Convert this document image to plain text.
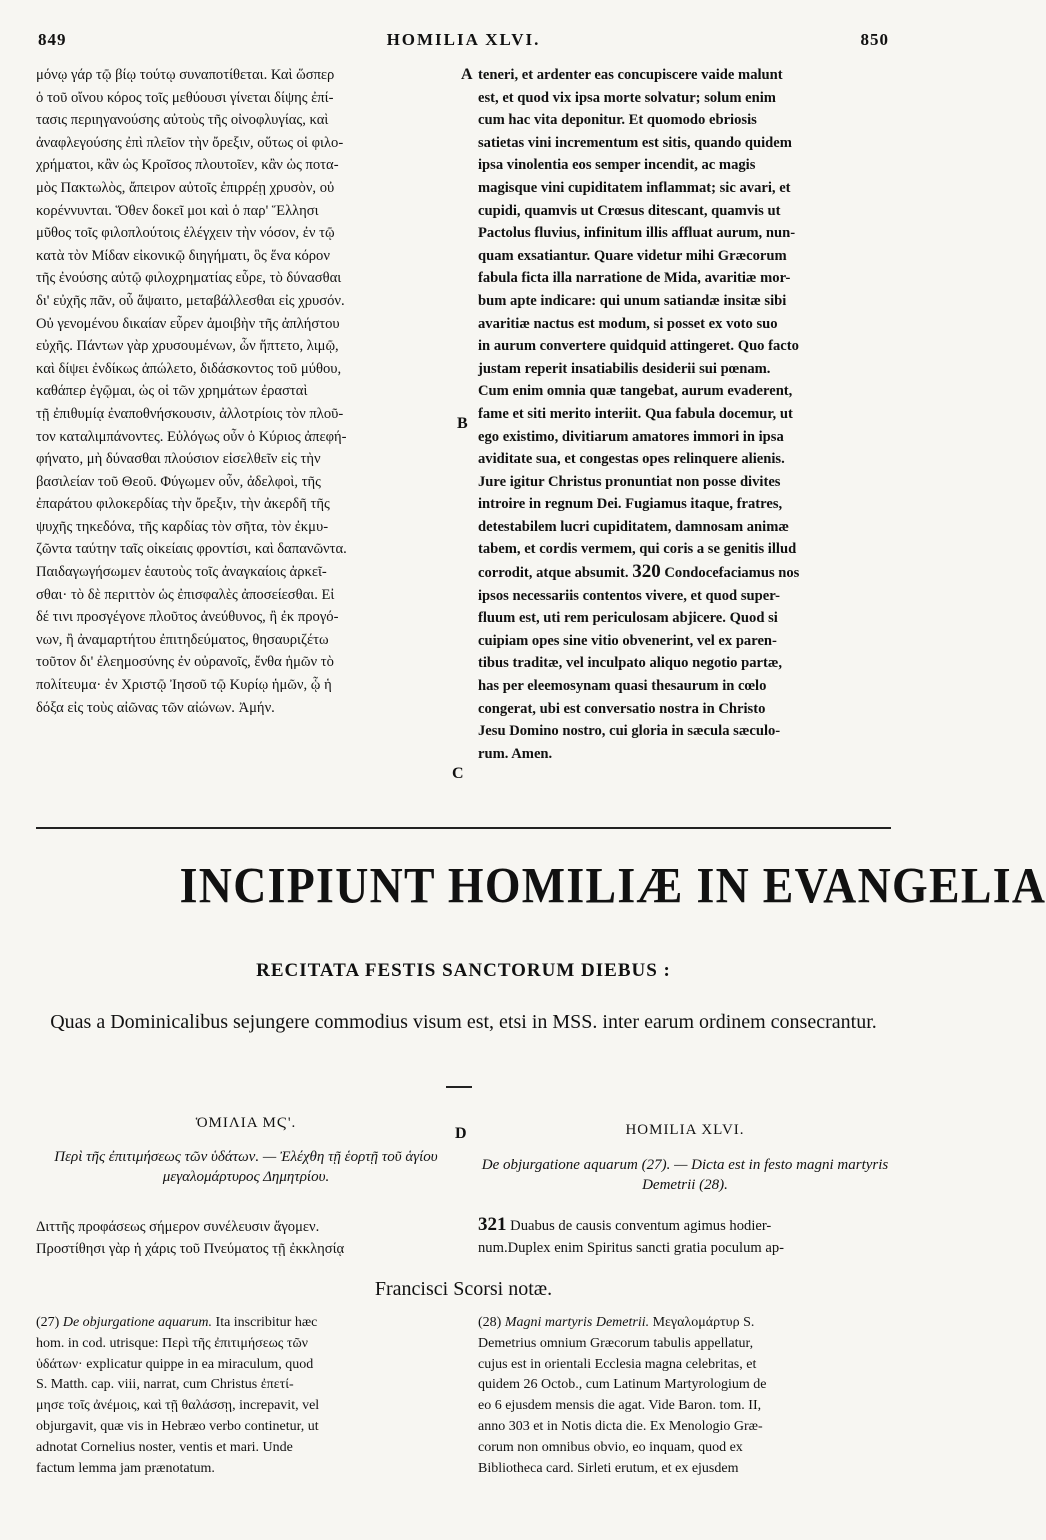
849	HOMILIA XLVI.	850

μόνῳ γάρ τῷ βίῳ τούτῳ συναποτίθεται. Καὶ ὥσπερ

ὁ τοῦ οἴνου κόρος τοῖς μεθύουσι γίνεται δίψης ἐπί-

τασις περιηγανούσης αὐτοὺς τῆς οἰνοφλυγίας, καὶ

ἀναφλεγούσης ἐπὶ πλεῖον τὴν ὄρεξιν, οὕτως οἱ φιλο-

χρήματοι, κἂν ὡς Κροῖσος πλουτοῖεν, κἂν ὡς ποτα-

μὸς Πακτωλὸς, ἄπειρον αὐτοῖς ἐπιρρέῃ χρυσὸν, οὐ

κορέννυνται. Ὅθεν δοκεῖ μοι καὶ ὁ παρ' Ἕλλησι

μῦθος τοῖς φιλοπλούτοις ἐλέγχειν τὴν νόσον, ἐν τῷ

κατὰ τὸν Μίδαν εἰκονικῷ διηγήματι, ὃς ἕνα κόρον

τῆς ἐνούσης αὐτῷ φιλοχρηματίας εὗρε, τὸ δύνασθαι

δι' εὐχῆς πᾶν, οὗ ἅψαιτο, μεταβάλλεσθαι εἰς χρυσόν.

Οὐ γενομένου δικαίαν εὗρεν ἀμοιβὴν τῆς ἀπλήστου

εὐχῆς. Πάντων γὰρ χρυσουμένων, ὧν ἥπτετο, λιμῷ,

καὶ δίψει ἐνδίκως ἀπώλετο, διδάσκοντος τοῦ μύθου,

καθάπερ ἐγῷμαι, ὡς οἱ τῶν χρημάτων ἐρασταὶ

τῇ ἐπιθυμίᾳ ἐναποθνήσκουσιν, ἀλλοτρίοις τὸν πλοῦ-

τον καταλιμπάνοντες. Εὐλόγως οὖν ὁ Κύριος ἀπεφή-

φήνατο, μὴ δύνασθαι πλούσιον εἰσελθεῖν εἰς τὴν

βασιλείαν τοῦ Θεοῦ. Φύγωμεν οὖν, ἀδελφοὶ, τῆς

ἐπαράτου φιλοκερδίας τὴν ὄρεξιν, τὴν ἀκερδῆ τῆς

ψυχῆς τηκεδόνα, τῆς καρδίας τὸν σῆτα, τὸν ἐκμυ-

ζῶντα ταύτην ταῖς οἰκείαις φροντίσι, καὶ δαπανῶντα.

Παιδαγωγήσωμεν ἑαυτοὺς τοῖς ἀναγκαίοις ἀρκεῖ-

σθαι· τὸ δὲ περιττὸν ὡς ἐπισφαλὲς ἀποσείεσθαι. Εἰ

δέ τινι προσγέγονε πλοῦτος ἀνεύθυνος, ἢ ἐκ προγό-

νων, ἢ ἀναμαρτήτου ἐπιτηδεύματος, θησαυριζέτω

τοῦτον δι' ἐλεημοσύνης ἐν οὐρανοῖς, ἔνθα ἡμῶν τὸ

πολίτευμα· ἐν Χριστῷ Ἰησοῦ τῷ Κυρίῳ ἡμῶν, ᾧ ἡ

δόξα εἰς τοὺς αἰῶνας τῶν αἰώνων. Ἀμήν.

teneri, et ardenter eas concupiscere vaide malunt

est, et quod vix ipsa morte solvatur; solum enim

cum hac vita deponitur. Et quomodo ebriosis

satietas vini incrementum est sitis, quando quidem

ipsa vinolentia eos semper incendit, ac magis

magisque vini cupiditatem inflammat; sic avari, et

cupidi, quamvis ut Crœsus ditescant, quamvis ut

Pactolus fluvius, infinitum illis affluat aurum, nun-

quam exsatiantur. Quare videtur mihi Græcorum

fabula ficta illa narratione de Mida, avaritiæ mor-

bum apte indicare: qui unum satiandæ insitæ sibi

avaritiæ nactus est modum, si posset ex voto suo

in aurum convertere quidquid attingeret. Quo facto

justam reperit insatiabilis desiderii sui pœnam.

Cum enim omnia quæ tangebat, aurum evaderent,

fame et siti merito interiit. Qua fabula docemur, ut

ego existimo, divitiarum amatores immori in ipsa

aviditate sua, et congestas opes relinquere alienis.

Jure igitur Christus pronuntiat non posse divites

introire in regnum Dei. Fugiamus itaque, fratres,

detestabilem lucri cupiditatem, damnosam animæ

tabem, et cordis vermem, qui coris a se genitis illud

corrodit, atque absumit. 320 Condocefaciamus nos

ipsos necessariis contentos vivere, et quod super-

fluum est, uti rem periculosam abjicere. Quod si

cuipiam opes sine vitio obvenerint, vel ex paren-

tibus traditæ, vel inculpato aliquo negotio partæ,

has per eleemosynam quasi thesaurum in cœlo

congerat, ubi est conversatio nostra in Christo

Jesu Domino nostro, cui gloria in sæcula sæculo-

rum. Amen.

A
B
C
D
INCIPIUNT HOMILIÆ IN EVANGELIA
RECITATA FESTIS SANCTORUM DIEBUS :
Quas a Dominicalibus sejungere commodius visum est, etsi in MSS. inter earum ordinem consecrantur.
ὉΜΙΛΙΑ ΜϚ'.	HOMILIA XLVI.
Περὶ τῆς ἐπιτιμήσεως τῶν ὑδάτων. — Ἐλέχθη τῇ ἑορτῇ τοῦ ἁγίου μεγαλομάρτυρος Δημητρίου.
De objurgatione aquarum (27). — Dicta est in festo magni martyris Demetrii (28).
Διττῆς προφάσεως σήμερον συνέλευσιν ἄγομεν.
Προστίθησι γὰρ ἡ χάρις τοῦ Πνεύματος τῇ ἐκκλησίᾳ
321 Duabus de causis conventum agimus hodier-
num.Duplex enim Spiritus sancti gratia poculum ap-
Francisci Scorsi notæ.

(27) De objurgatione aquarum. Ita inscribitur hæc

hom. in cod. utrisque: Περὶ τῆς ἐπιτιμήσεως τῶν

ὑδάτων· explicatur quippe in ea miraculum, quod

S. Matth. cap. viii, narrat, cum Christus ἐπετί-

μησε τοῖς ἀνέμοις, καὶ τῇ θαλάσσῃ, increpavit, vel

objurgavit, quæ vis in Hebræo verbo continetur, ut

adnotat Cornelius noster, ventis et mari. Unde

factum lemma jam prænotatum.

(28) Magni martyris Demetrii. Μεγαλομάρτυρ S.

Demetrius omnium Græcorum tabulis appellatur,

cujus est in orientali Ecclesia magna celebritas, et

quidem 26 Octob., cum Latinum Martyrologium de

eo 6 ejusdem mensis die agat. Vide Baron. tom. II,

anno 303 et in Notis dicta die. Ex Menologio Græ-

corum non omnibus obvio, eo inquam, quod ex

Bibliotheca card. Sirleti erutum, et ex ejusdem
